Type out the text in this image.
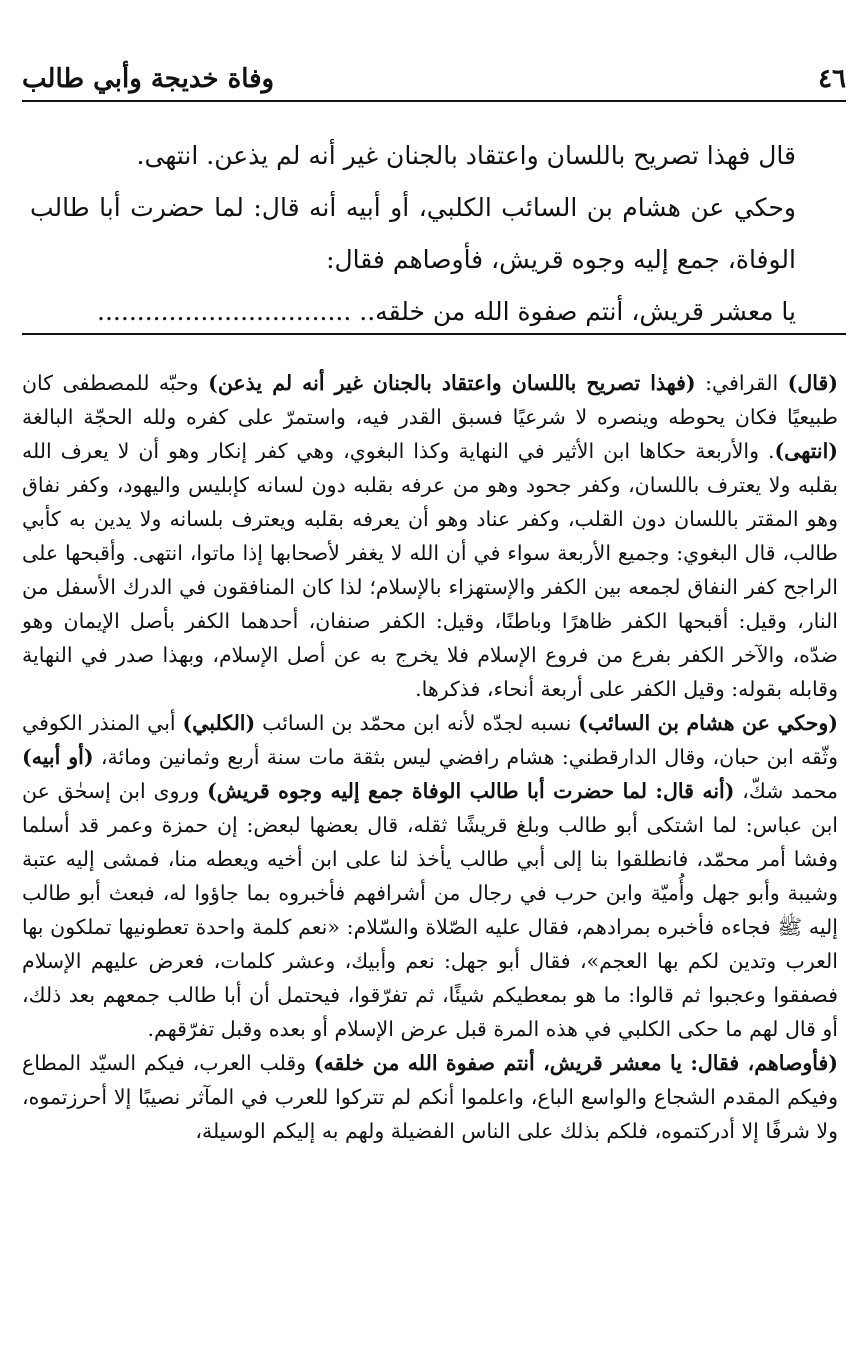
٤٦
وفاة خديجة وأبي طالب

قال فهذا تصريح باللسان واعتقاد بالجنان غير أنه لم يذعن. انتهى.

وحكي عن هشام بن السائب الكلبي، أو أبيه أنه قال: لما حضرت أبا طالب الوفاة، جمع إليه وجوه قريش، فأوصاهم فقال:

يا معشر قريش، أنتم صفوة الله من خلقه.. ................................

(قال) القرافي: (فهذا تصريح باللسان واعتقاد بالجنان غير أنه لم يذعن) وحبّه للمصطفى كان طبيعيًا فكان يحوطه وينصره لا شرعيًا فسبق القدر فيه، واستمرّ على كفره ولله الحجّة البالغة (انتهى). والأربعة حكاها ابن الأثير في النهاية وكذا البغوي، وهي كفر إنكار وهو أن لا يعرف الله بقلبه ولا يعترف باللسان، وكفر جحود وهو من عرفه بقلبه دون لسانه كإبليس واليهود، وكفر نفاق وهو المقتر باللسان دون القلب، وكفر عناد وهو أن يعرفه بقلبه ويعترف بلسانه ولا يدين به كأبي طالب، قال البغوي: وجميع الأربعة سواء في أن الله لا يغفر لأصحابها إذا ماتوا، انتهى. وأقبحها على الراجح كفر النفاق لجمعه بين الكفر والإستهزاء بالإسلام؛ لذا كان المنافقون في الدرك الأسفل من النار، وقيل: أقبحها الكفر ظاهرًا وباطنًا، وقيل: الكفر صنفان، أحدهما الكفر بأصل الإيمان وهو ضدّه، والآخر الكفر بفرع من فروع الإسلام فلا يخرج به عن أصل الإسلام، وبهذا صدر في النهاية وقابله بقوله: وقيل الكفر على أربعة أنحاء، فذكرها.

(وحكي عن هشام بن السائب) نسبه لجدّه لأنه ابن محمّد بن السائب (الكلبي) أبي المنذر الكوفي وثّقه ابن حبان، وقال الدارقطني: هشام رافضي ليس بثقة مات سنة أربع وثمانين ومائة، (أو أبيه) محمد شكّ، (أنه قال: لما حضرت أبا طالب الوفاة جمع إليه وجوه قريش) وروى ابن إسحٰق عن ابن عباس: لما اشتكى أبو طالب وبلغ قريشًا ثقله، قال بعضها لبعض: إن حمزة وعمر قد أسلما وفشا أمر محمّد، فانطلقوا بنا إلى أبي طالب يأخذ لنا على ابن أخيه ويعطه منا، فمشى إليه عتبة وشيبة وأبو جهل وأُميّة وابن حرب في رجال من أشرافهم فأخبروه بما جاؤوا له، فبعث أبو طالب إليه ﷺ فجاءه فأخبره بمرادهم، فقال عليه الصّلاة والسّلام: «نعم كلمة واحدة تعطونيها تملكون بها العرب وتدين لكم بها العجم»، فقال أبو جهل: نعم وأبيك، وعشر كلمات، فعرض عليهم الإسلام فصفقوا وعجبوا ثم قالوا: ما هو بمعطيكم شيئًا، ثم تفرّقوا، فيحتمل أن أبا طالب جمعهم بعد ذلك، أو قال لهم ما حكى الكلبي في هذه المرة قبل عرض الإسلام أو بعده وقبل تفرّقهم.

(فأوصاهم، فقال: يا معشر قريش، أنتم صفوة الله من خلقه) وقلب العرب، فيكم السيّد المطاع وفيكم المقدم الشجاع والواسع الباع، واعلموا أنكم لم تتركوا للعرب في المآثر نصيبًا إلا أحرزتموه، ولا شرفًا إلا أدركتموه، فلكم بذلك على الناس الفضيلة ولهم به إليكم الوسيلة،
